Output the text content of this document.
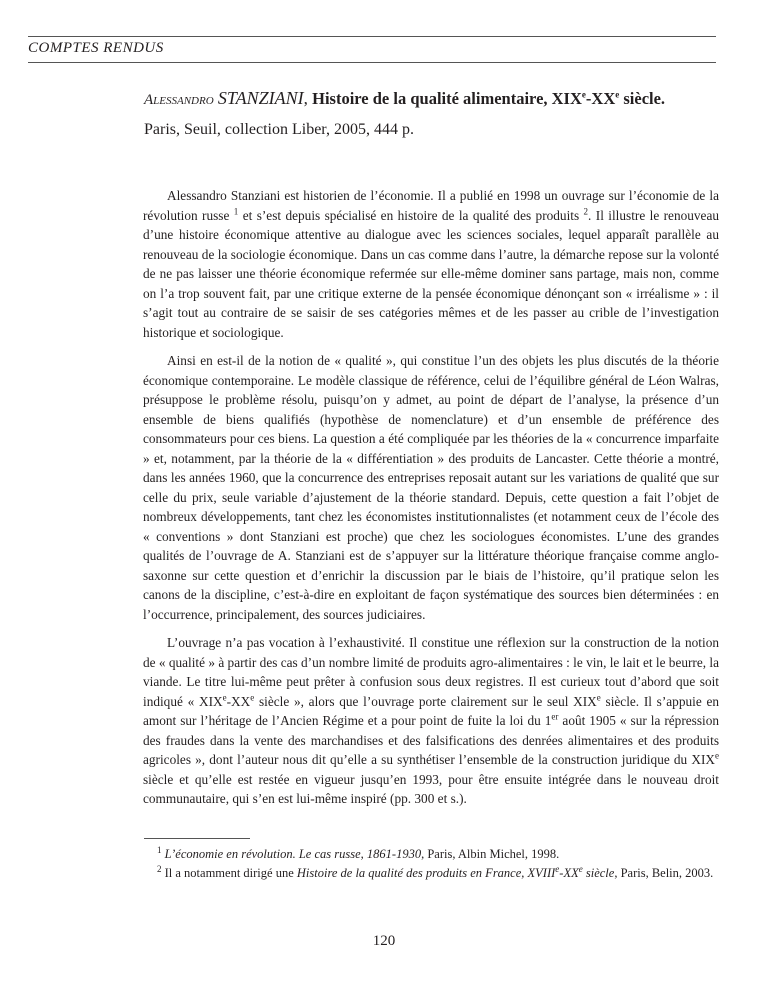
COMPTES RENDUS
Alessandro STANZIANI, Histoire de la qualité alimentaire, XIXe-XXe siècle.
Paris, Seuil, collection Liber, 2005, 444 p.

Alessandro Stanziani est historien de l’économie. Il a publié en 1998 un ouvrage sur l’économie de la révolution russe $^1$ et s’est depuis spécialisé en histoire de la qualité des produits $^2$. Il illustre le renouveau d’une histoire économique attentive au dialogue avec les sciences sociales, lequel apparaît parallèle au renouveau de la sociologie économique. Dans un cas comme dans l’autre, la démarche repose sur la volonté de ne pas laisser une théorie économique refermée sur elle-même dominer sans partage, mais non, comme on l’a trop souvent fait, par une critique externe de la pensée économique dénonçant son « irréalisme » : il s’agit tout au contraire de se saisir de ses catégories mêmes et de les passer au crible de l’investigation historique et sociologique.

Ainsi en est-il de la notion de « qualité », qui constitue l’un des objets les plus discutés de la théorie économique contemporaine. Le modèle classique de référence, celui de l’équilibre général de Léon Walras, présuppose le problème résolu, puisqu’on y admet, au point de départ de l’analyse, la présence d’un ensemble de biens qualifiés (hypothèse de nomenclature) et d’un ensemble de préférence des consommateurs pour ces biens. La question a été compliquée par les théories de la « concurrence imparfaite » et, notamment, par la théorie de la « différentiation » des produits de Lancaster. Cette théorie a montré, dans les années 1960, que la concurrence des entreprises reposait autant sur les variations de qualité que sur celle du prix, seule variable d’ajustement de la théorie standard. Depuis, cette question a fait l’objet de nombreux développements, tant chez les économistes institutionnalistes (et notamment ceux de l’école des « conventions » dont Stanziani est proche) que chez les sociologues économistes. L’une des grandes qualités de l’ouvrage de A. Stanziani est de s’appuyer sur la littérature théorique française comme anglo-saxonne sur cette question et d’enrichir la discussion par le biais de l’histoire, qu’il pratique selon les canons de la discipline, c’est-à-dire en exploitant de façon systématique des sources bien déterminées : en l’occurrence, principalement, des sources judiciaires.

L’ouvrage n’a pas vocation à l’exhaustivité. Il constitue une réflexion sur la construction de la notion de « qualité » à partir des cas d’un nombre limité de produits agro-alimentaires : le vin, le lait et le beurre, la viande. Le titre lui-même peut prêter à confusion sous deux registres. Il est curieux tout d’abord que soit indiqué « XIXe-XXe siècle », alors que l’ouvrage porte clairement sur le seul XIXe siècle. Il s’appuie en amont sur l’héritage de l’Ancien Régime et a pour point de fuite la loi du 1er août 1905 « sur la répression des fraudes dans la vente des marchandises et des falsifications des denrées alimentaires et des produits agricoles », dont l’auteur nous dit qu’elle a su synthétiser l’ensemble de la construction juridique du XIXe siècle et qu’elle est restée en vigueur jusqu’en 1993, pour être ensuite intégrée dans le nouveau droit communautaire, qui s’en est lui-même inspiré (pp. 300 et s.).

$^1$ L’économie en révolution. Le cas russe, 1861-1930, Paris, Albin Michel, 1998.

$^2$ Il a notamment dirigé une Histoire de la qualité des produits en France, XVIIIe-XXe siècle, Paris, Belin, 2003.

120
